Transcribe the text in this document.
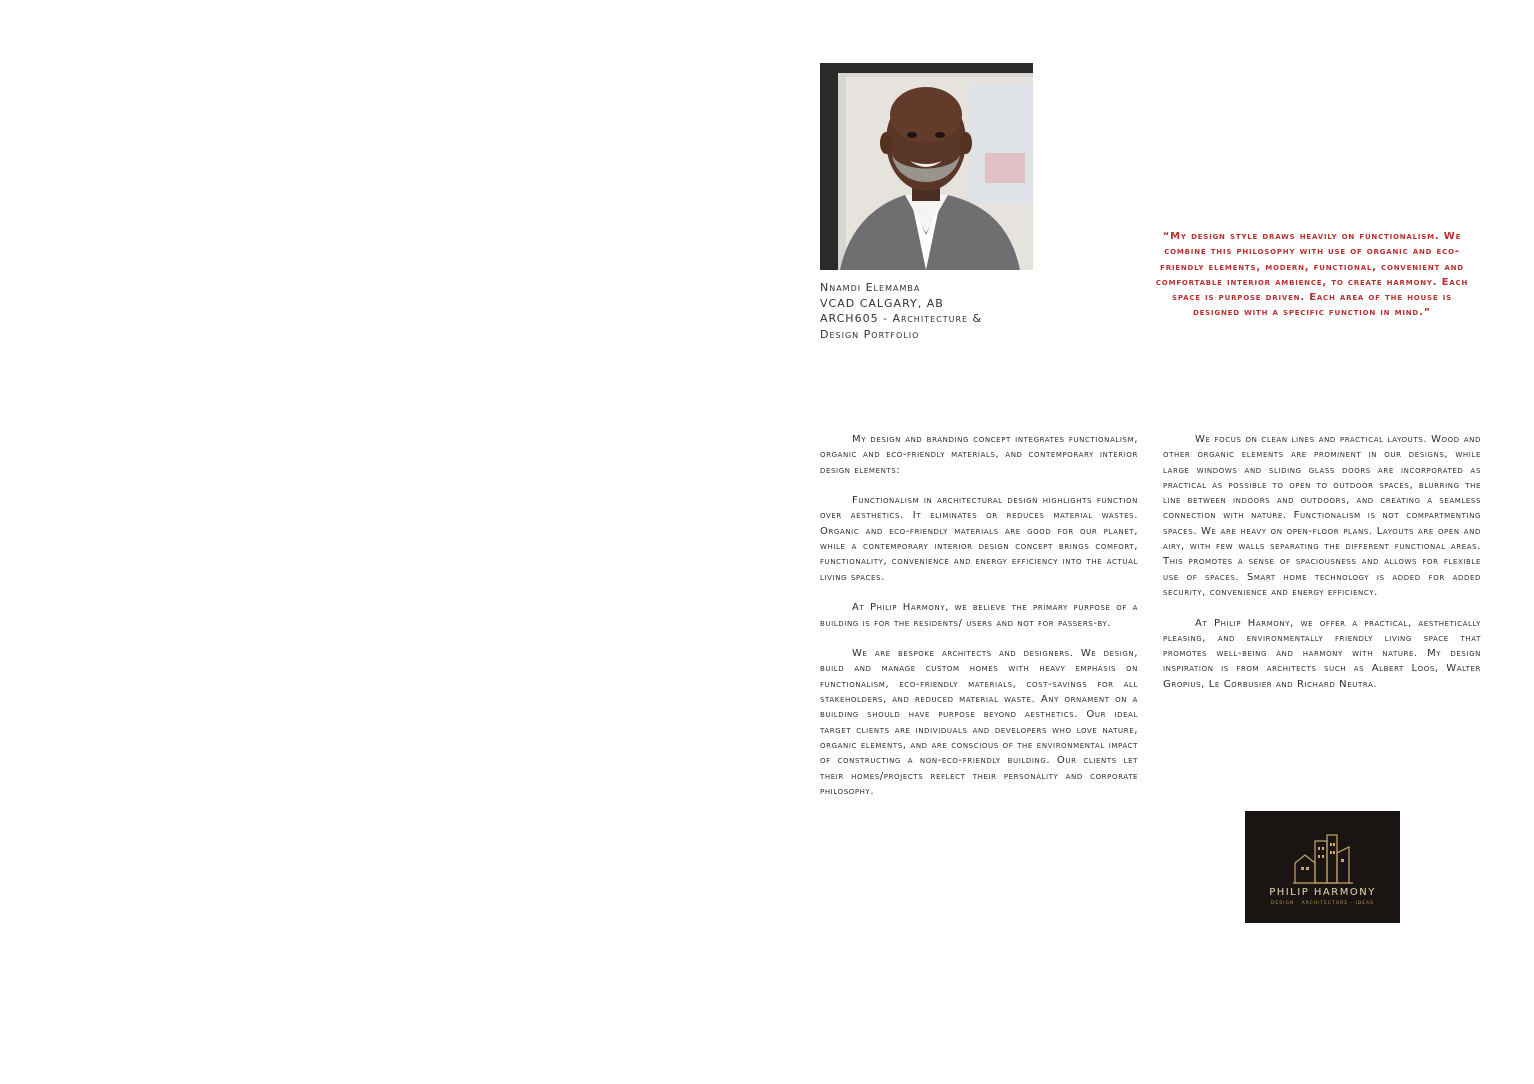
Nnamdi Elemamba
VCAD CALGARY, AB
ARCH605 - Architecture &
Design Portfolio
“My design style draws heavily on functionalism. We combine this philosophy with use of organic and eco-friendly elements, modern, functional, convenient and comfortable interior ambience, to create harmony. Each space is purpose driven. Each area of the house is designed with a specific function in mind.”

My design and branding concept integrates functionalism, organic and eco-friendly materials, and contemporary interior design elements:

Functionalism in architectural design highlights function over aesthetics. It eliminates or reduces material wastes. Organic and eco-friendly materials are good for our planet, while a contemporary interior design concept brings comfort, functionality, convenience and energy efficiency into the actual living spaces.

At Philip Harmony, we believe the primary purpose of a building is for the residents/ users and not for passers-by.

We are bespoke architects and designers. We design, build and manage custom homes with heavy emphasis on functionalism, eco-friendly materials, cost-savings for all stakeholders, and reduced material waste. Any ornament on a building should have purpose beyond aesthetics. Our ideal target clients are individuals and developers who love nature, organic elements, and are conscious of the environmental impact of constructing a non-eco-friendly building. Our clients let their homes/projects reflect their personality and corporate philosophy.

We focus on clean lines and practical layouts. Wood and other organic elements are prominent in our designs, while large windows and sliding glass doors are incorporated as practical as possible to open to outdoor spaces, blurring the line between indoors and outdoors, and creating a seamless connection with nature. Functionalism is not compartmenting spaces. We are heavy on open-floor plans. Layouts are open and airy, with few walls separating the different functional areas. This promotes a sense of spaciousness and allows for flexible use of spaces. Smart home technology is added for added security, convenience and energy efficiency.

At Philip Harmony, we offer a practical, aesthetically pleasing, and environmentally friendly living space that promotes well-being and harmony with nature. My design inspiration is from architects such as Albert Loos, Walter Gropius, Le Corbusier and Richard Neutra.

PHILIP HARMONY
DESIGN · ARCHITECTURE · IDEAS
